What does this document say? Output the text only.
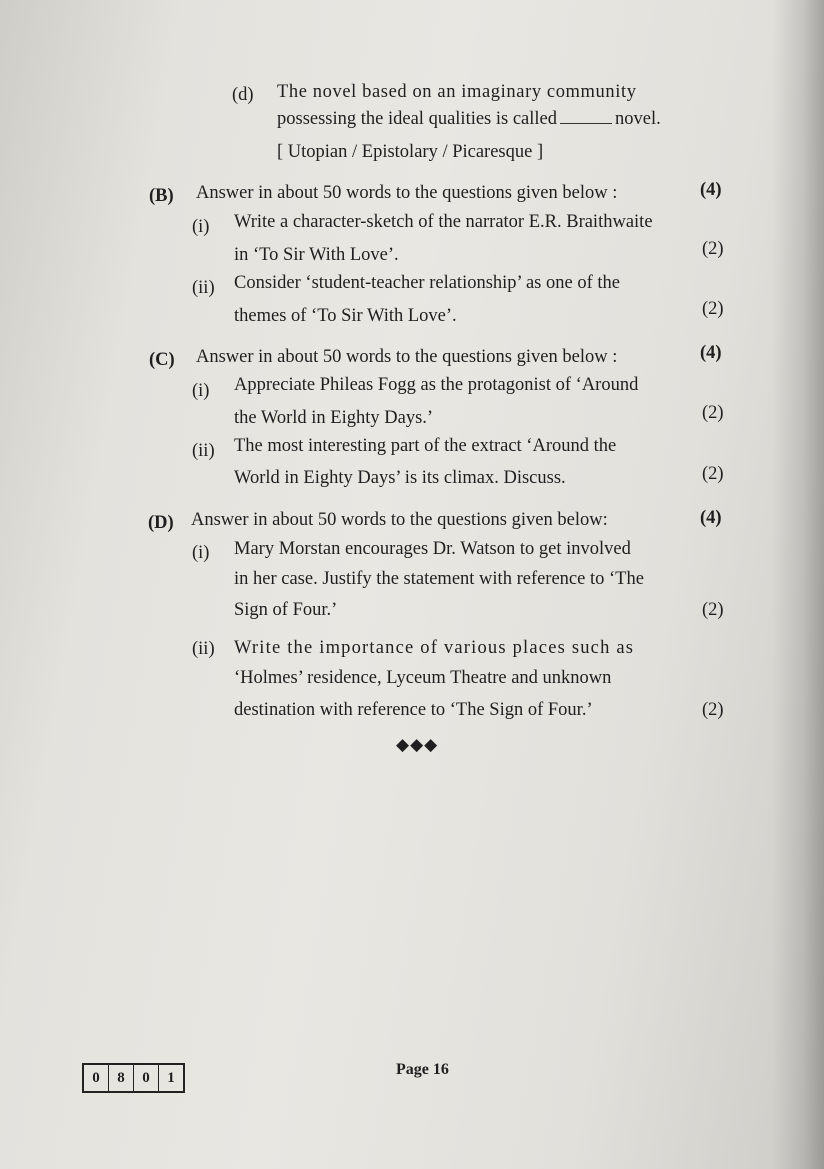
(d) The novel based on an imaginary community
possessing the ideal qualities is called	novel.
[ Utopian / Epistolary / Picaresque ]
(B) Answer in about 50 words to the questions given below :	(4)
(i) Write a character-sketch of the narrator E.R. Braithwaite
in ‘To Sir With Love’.	(2)
(ii) Consider ‘student-teacher relationship’ as one of the
themes of ‘To Sir With Love’.	(2)
(C) Answer in about 50 words to the questions given below :	(4)
(i) Appreciate Phileas Fogg as the protagonist of ‘Around
the World in Eighty Days.’	(2)
(ii) The most interesting part of the extract ‘Around the
World in Eighty Days’ is its climax. Discuss.	(2)
(D) Answer in about 50 words to the questions given below:	(4)
(i) Mary Morstan encourages Dr. Watson to get involved
in her case. Justify the statement with reference to ‘The
Sign of Four.’	(2)
(ii) Write the importance of various places such as
‘Holmes’ residence, Lyceum Theatre and unknown
destination with reference to ‘The Sign of Four.’	(2)
◆◆◆
0	8	0	1	Page 16
